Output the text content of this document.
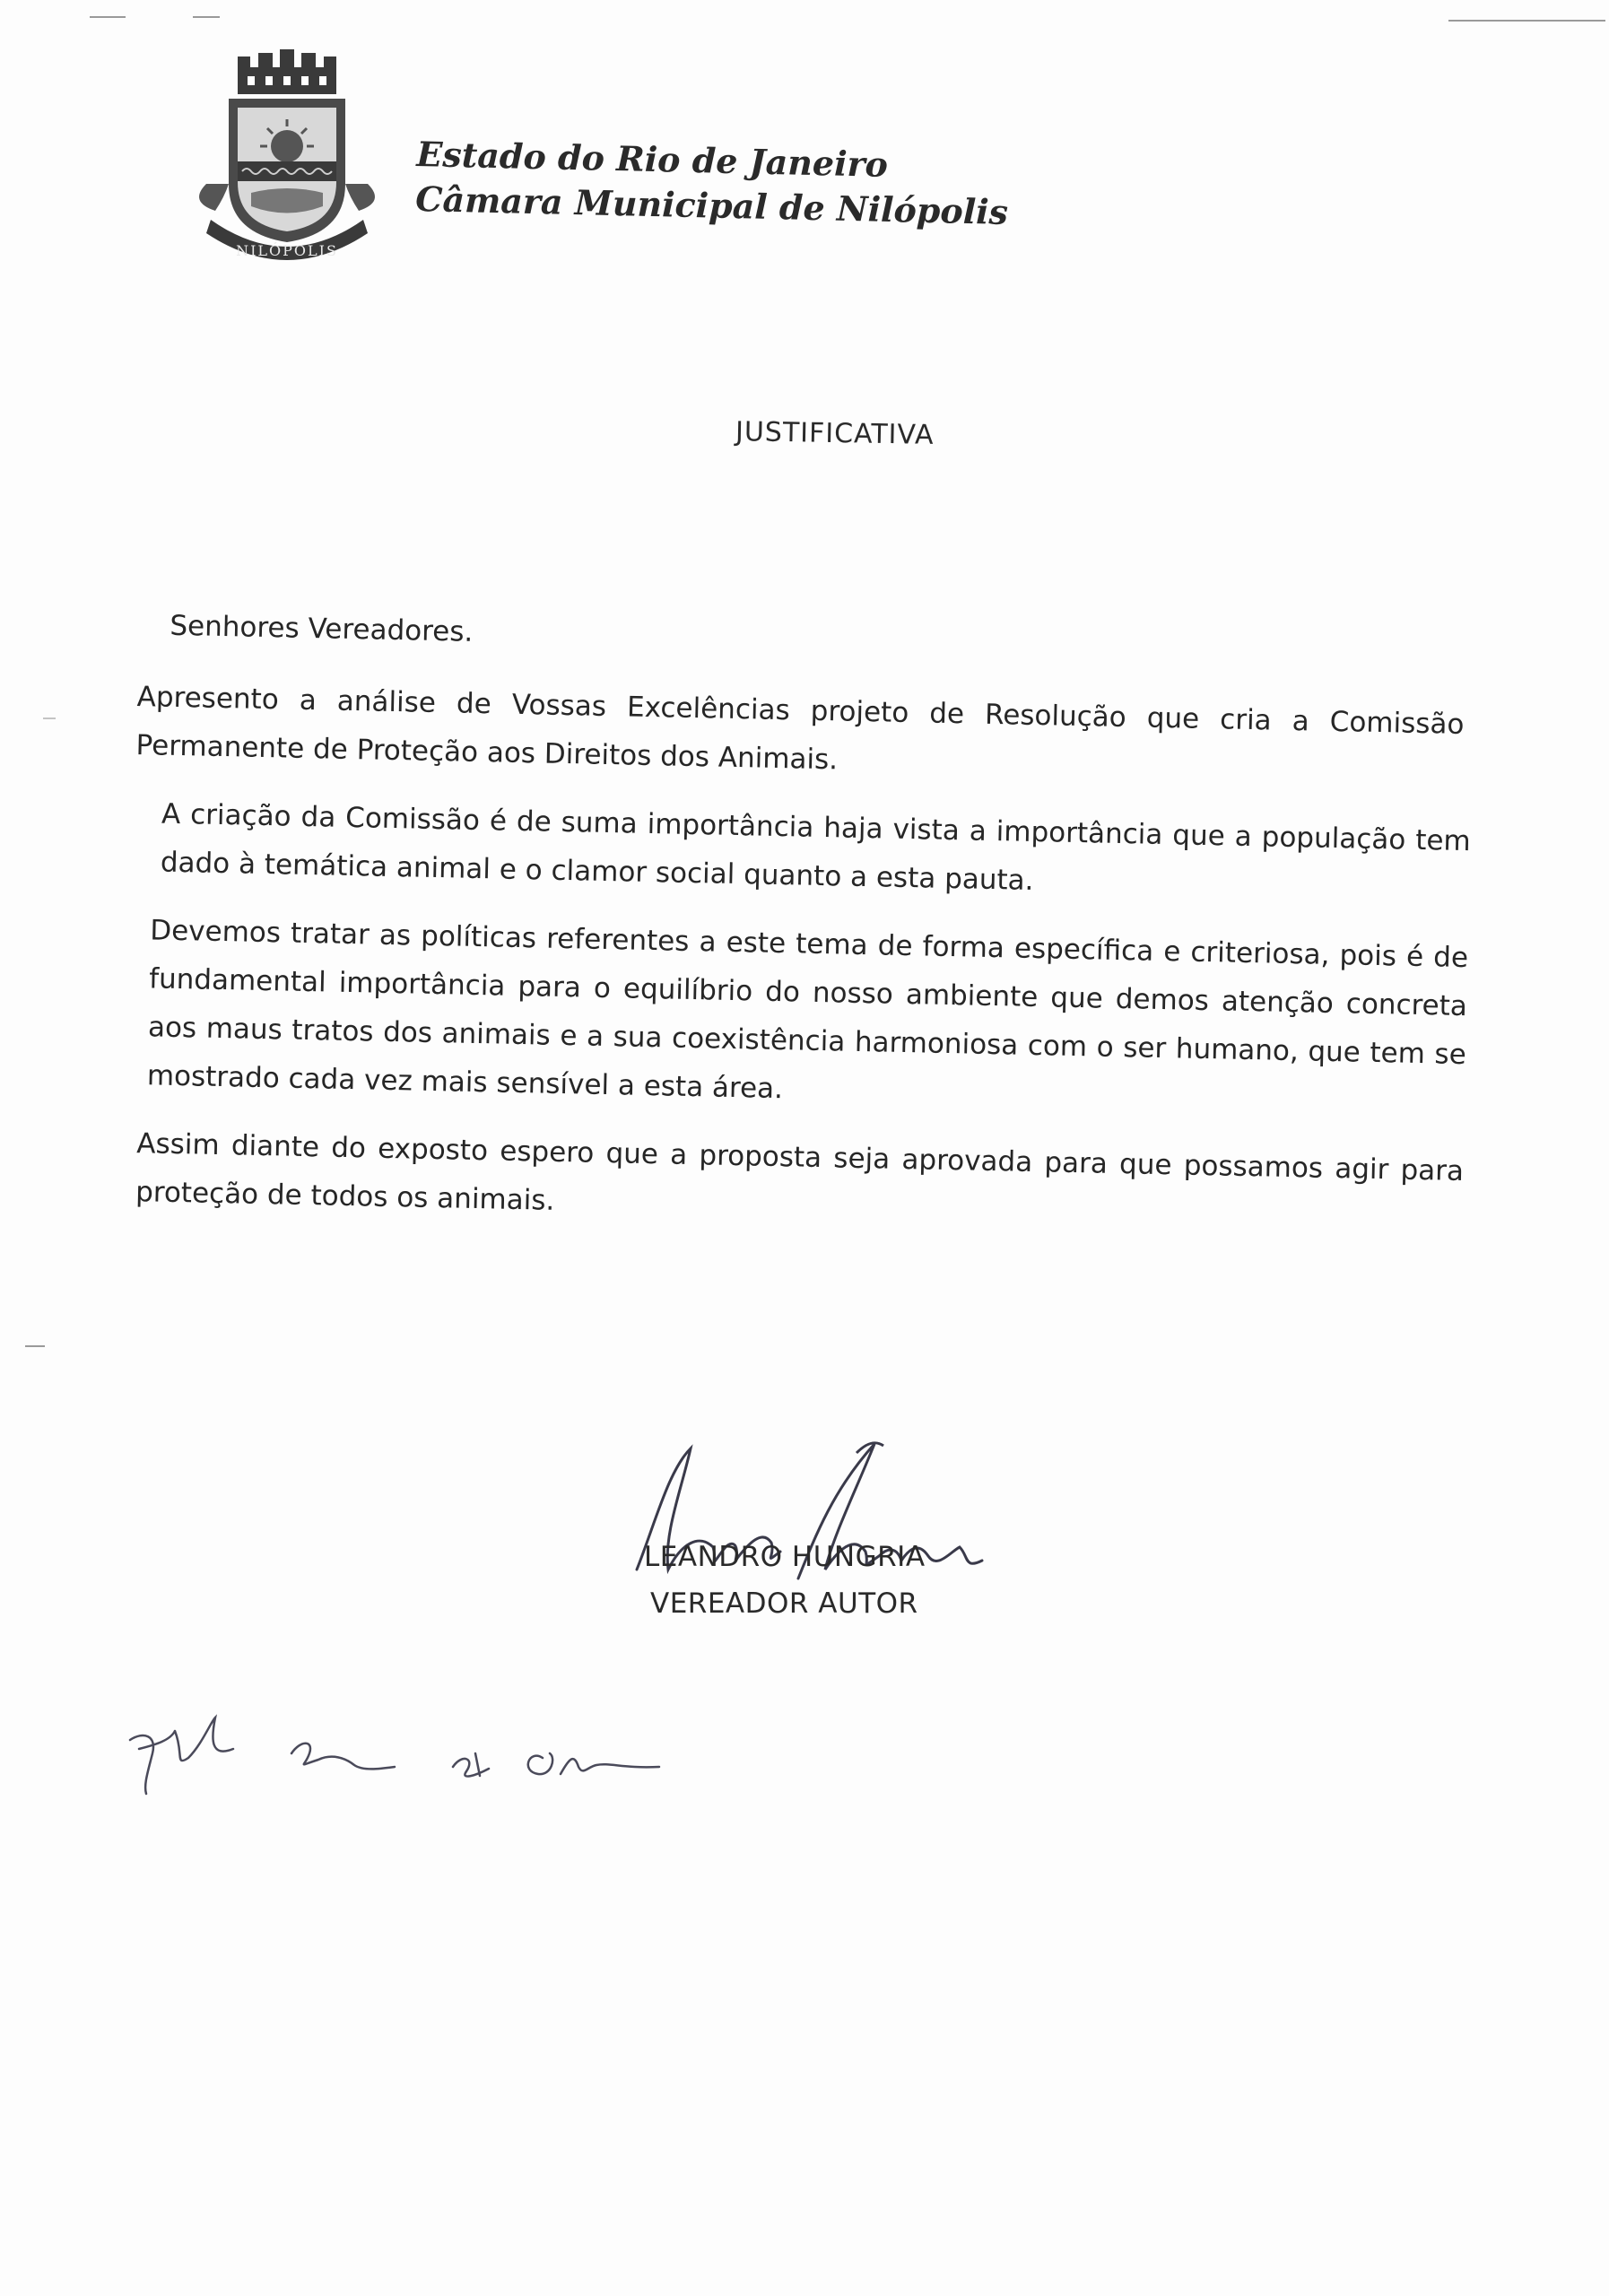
NILÓPOLIS
Estado do Rio de Janeiro
Câmara Municipal de Nilópolis
JUSTIFICATIVA
Senhores Vereadores.

Apresento a análise de Vossas Excelências projeto de Resolução que cria a Comissão Permanente de Proteção aos Direitos dos Animais.

A criação da Comissão é de suma importância haja vista a importância que a população tem dado à temática animal e o clamor social quanto a esta pauta.

Devemos tratar as políticas referentes a este tema de forma específica e criteriosa, pois é de fundamental importância para o equilíbrio do nosso ambiente que demos atenção concreta aos maus tratos dos animais e a sua coexistência harmoniosa com o ser humano, que tem se mostrado cada vez mais sensível a esta área.

Assim diante do exposto espero que a proposta seja aprovada para que possamos agir para proteção de todos os animais.

LEANDRO HUNGRIA
VEREADOR AUTOR
